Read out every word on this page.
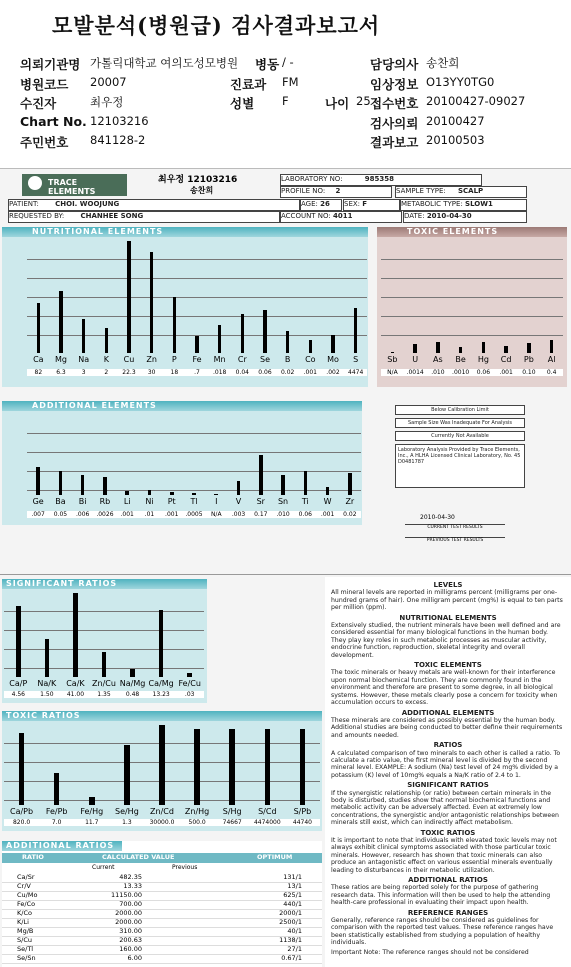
모발분석(병원급) 검사결과보고서
의뢰기관명 가톨릭대학교 여의도성모병원
병원코드 20007
수진자	최우정
Chart No. 12103216
주민번호 841128-2
병동 / -
진료과 FM
성별 F	나이 25
담당의사 송찬희
임상정보 O13YY0TG0
접수번호 20100427-09027
검사의뢰 20100427
결과보고 20100503
TRACE ELEMENTS
최우정 12103216
송찬희
LABORATORY NO:	985358
PROFILE NO: 2	SAMPLE TYPE: SCALP
PATIENT: CHOI. WOOJUNG	AGE: 26	SEX: F	METABOLIC TYPE: SLOW1
REQUESTED BY: CHANHEE SONG	ACCOUNT NO: 4011	DATE: 2010-04-30
NUTRITIONAL ELEMENTS
Ca	Mg	Na	K	Cu	Zn	P	Fe	Mn	Cr	Se	B	Co	Mo	S
82	6.3	3	2	22.3	30	18	.7	.018	0.04	0.06	0.02	.001	.002	4474
TOXIC ELEMENTS
Sb	U	As	Be	Hg	Cd	Pb	Al
N/A	.0014	.010	.0010	0.06	.001	0.10	0.4
ADDITIONAL ELEMENTS
Ge	Ba	Bi	Rb	Li	Ni	Pt	Tl	I	V	Sr	Sn	Ti	W	Zr
.007	0.05	.006	.0026	.001	.01	.001	.0005	N/A	.003	0.17	.010	0.06	.001	0.02
Below Calibration Limit
Sample Size Was Inadequate For Analysis
Currently Not Available
Laboratory Analysis Provided by Trace Elements, Inc., A HLHA Licensed Clinical Laboratory, No. 45 D0481787
2010-04-30
CURRENT TEST RESULTS
PREVIOUS TEST RESULTS
SIGNIFICANT RATIOS
Ca/P	Na/K	Ca/K Zn/Cu Na/Mg Ca/Mg Fe/Cu
4.56	1.50	41.00	1.35	0.48	13.23	.03
TOXIC RATIOS
Ca/Pb	Fe/Pb	Fe/Hg	Se/Hg	Zn/Cd	Zn/Hg	S/Hg	S/Cd	S/Pb
820.0	7.0	11.7	1.3	30000.0	500.0	74667	4474000	44740
ADDITIONAL RATIOS
RATIO	CALCULATED VALUE	OPTIMUM
Current	Previous
Ca/Sr	482.35	131/1
Cr/V	13.33	13/1
Cu/Mo	11150.00	625/1
Fe/Co	700.00	440/1
K/Co	2000.00	2000/1
K/Li	2000.00	2500/1
Mg/B	310.00	40/1
S/Cu	200.63	1138/1
Se/Tl	160.00	27/1
Se/Sn	6.00	0.67/1
LEVELS
All mineral levels are reported in milligrams percent (milligrams per one-hundred grams of hair). One milligram percent (mg%) is equal to ten parts per million (ppm).
NUTRITIONAL ELEMENTS
Extensively studied, the nutrient minerals have been well defined and are considered essential for many biological functions in the human body. They play key roles in such metabolic processes as muscular activity, endocrine function, reproduction, skeletal integrity and overall development.
TOXIC ELEMENTS
The toxic minerals or heavy metals are well-known for their interference upon normal biochemical function. They are commonly found in the environment and therefore are present to some degree, in all biological systems. However, these metals clearly pose a concern for toxicity when accumulation occurs to excess.
ADDITIONAL ELEMENTS
These minerals are considered as possibly essential by the human body. Additional studies are being conducted to better define their requirements and amounts needed.
RATIOS
A calculated comparison of two minerals to each other is called a ratio. To calculate a ratio value, the first mineral level is divided by the second mineral level. EXAMPLE: A sodium (Na) test level of 24 mg% divided by a potassium (K) level of 10mg% equals a Na/K ratio of 2.4 to 1.
SIGNIFICANT RATIOS
If the synergistic relationship (or ratio) between certain minerals in the body is disturbed, studies show that normal biochemical functions and metabolic activity can be adversely affected. Even at extremely low concentrations, the synergistic and/or antagonistic relationships between minerals still exist, which can indirectly affect metabolism.
TOXIC RATIOS
It is important to note that individuals with elevated toxic levels may not always exhibit clinical symptoms associated with those particular toxic minerals. However, research has shown that toxic minerals can also produce an antagonistic effect on various essential minerals eventually leading to disturbances in their metabolic utilization.
ADDITIONAL RATIOS
These ratios are being reported solely for the purpose of gathering research data. This information will then be used to help the attending health-care professional in evaluating their impact upon health.
REFERENCE RANGES
Generally, reference ranges should be considered as guidelines for comparison with the reported test values. These reference ranges have been statistically established from studying a population of healthy individuals.
Important Note: The reference ranges should not be considered
